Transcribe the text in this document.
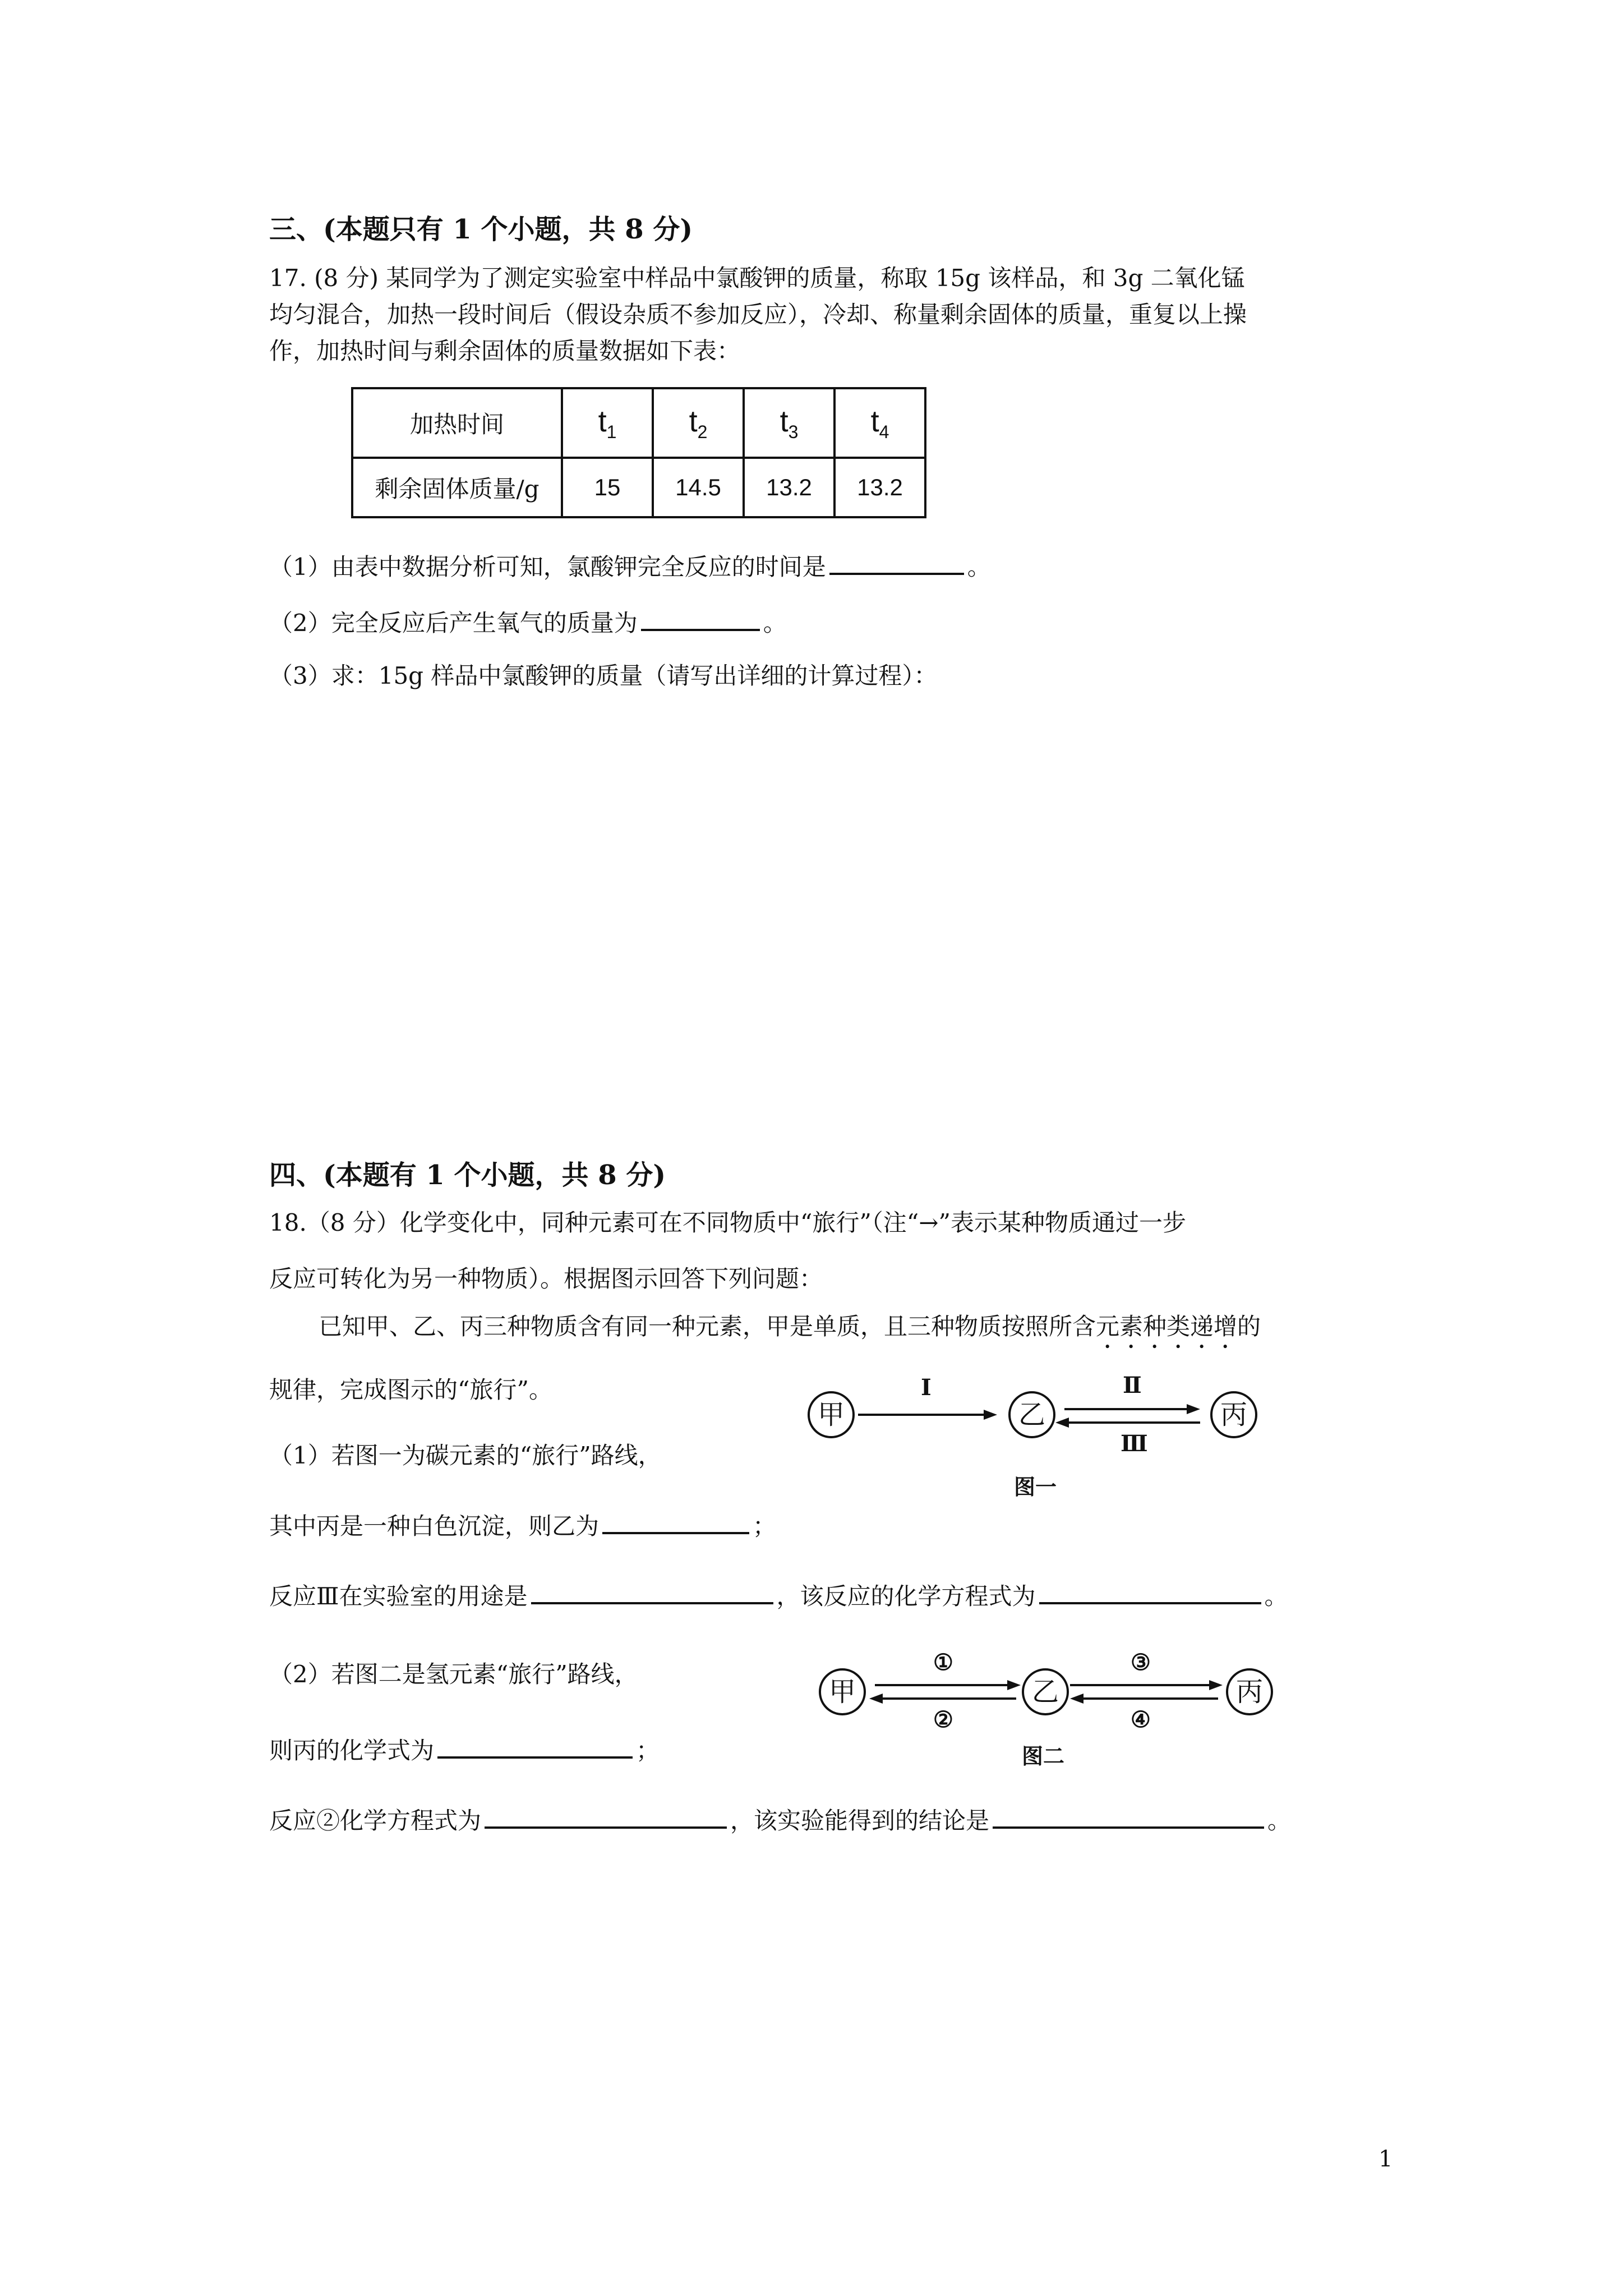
三、(本题只有 1 个小题，共 8 分)
17. (8 分) 某同学为了测定实验室中样品中氯酸钾的质量，称取 15g 该样品，和 3g 二氧化锰
均匀混合，加热一段时间后（假设杂质不参加反应），冷却、称量剩余固体的质量，重复以上操
作，加热时间与剩余固体的质量数据如下表：
加热时间	$t_1$	$t_2$	$t_3$	$t_4$
剩余固体质量/g	15	14.5	13.2	13.2
（1）由表中数据分析可知，氯酸钾完全反应的时间是	。
（2）完全反应后产生氧气的质量为	。
（3）求：15g 样品中氯酸钾的质量（请写出详细的计算过程）：
四、(本题有 1 个小题，共 8 分)
18.（8 分）化学变化中，同种元素可在不同物质中“旅行”（注“→”表示某种物质通过一步
反应可转化为另一种物质）。根据图示回答下列问题：
已知甲、乙、丙三种物质含有同一种元素，甲是单质，且三种物质按照所含元素种类递增的
规律，完成图示的“旅行”。
（1）若图一为碳元素的“旅行”路线，
甲	乙	丙
Ⅰ	Ⅱ
Ⅲ
图一
其中丙是一种白色沉淀，则乙为	；
反应Ⅲ在实验室的用途是	，该反应的化学方程式为	。
（2）若图二是氢元素“旅行”路线，
甲	乙	丙
①
②
③
④
图二
则丙的化学式为	；
反应②化学方程式为	，该实验能得到的结论是	。
1
